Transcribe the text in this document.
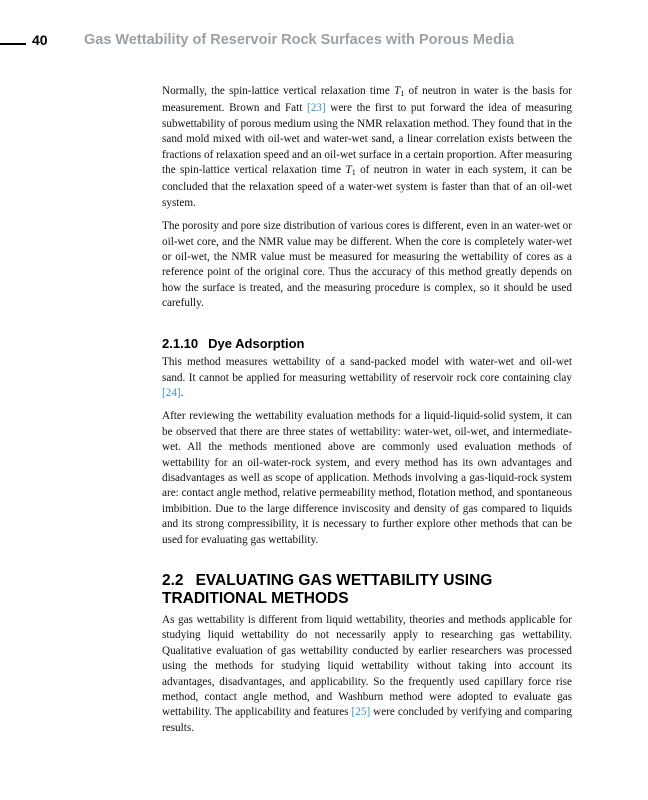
40	Gas Wettability of Reservoir Rock Surfaces with Porous Media

Normally, the spin-lattice vertical relaxation time $T_1$ of neutron in water is the basis for measurement. Brown and Fatt [23] were the first to put forward the idea of measuring subwettability of porous medium using the NMR relaxation method. They found that in the sand mold mixed with oil-wet and water-wet sand, a linear correlation exists between the fractions of relaxation speed and an oil-wet surface in a certain proportion. After measuring the spin-lattice vertical relaxation time $T_1$ of neutron in water in each system, it can be concluded that the relaxation speed of a water-wet system is faster than that of an oil-wet system.

The porosity and pore size distribution of various cores is different, even in an water-wet or oil-wet core, and the NMR value may be different. When the core is completely water-wet or oil-wet, the NMR value must be measured for measuring the wettability of cores as a reference point of the original core. Thus the accuracy of this method greatly depends on how the surface is treated, and the measuring procedure is complex, so it should be used carefully.

2.1.10 Dye Adsorption

This method measures wettability of a sand-packed model with water-wet and oil-wet sand. It cannot be applied for measuring wettability of reservoir rock core containing clay [24].

After reviewing the wettability evaluation methods for a liquid-liquid-solid system, it can be observed that there are three states of wettability: water-wet, oil-wet, and intermediate-wet. All the methods mentioned above are commonly used evaluation methods of wettability for an oil-water-rock system, and every method has its own advantages and disadvantages as well as scope of application. Methods involving a gas-liquid-rock system are: contact angle method, relative permeability method, flotation method, and spontaneous imbibition. Due to the large difference inviscosity and density of gas compared to liquids and its strong compressibility, it is necessary to further explore other methods that can be used for evaluating gas wettability.

2.2 EVALUATING GAS WETTABILITY USING TRADITIONAL METHODS

As gas wettability is different from liquid wettability, theories and methods applicable for studying liquid wettability do not necessarily apply to researching gas wettability. Qualitative evaluation of gas wettability conducted by earlier researchers was processed using the methods for studying liquid wettability without taking into account its advantages, disadvantages, and applicability. So the frequently used capillary force rise method, contact angle method, and Washburn method were adopted to evaluate gas wettability. The applicability and features [25] were concluded by verifying and comparing results.
